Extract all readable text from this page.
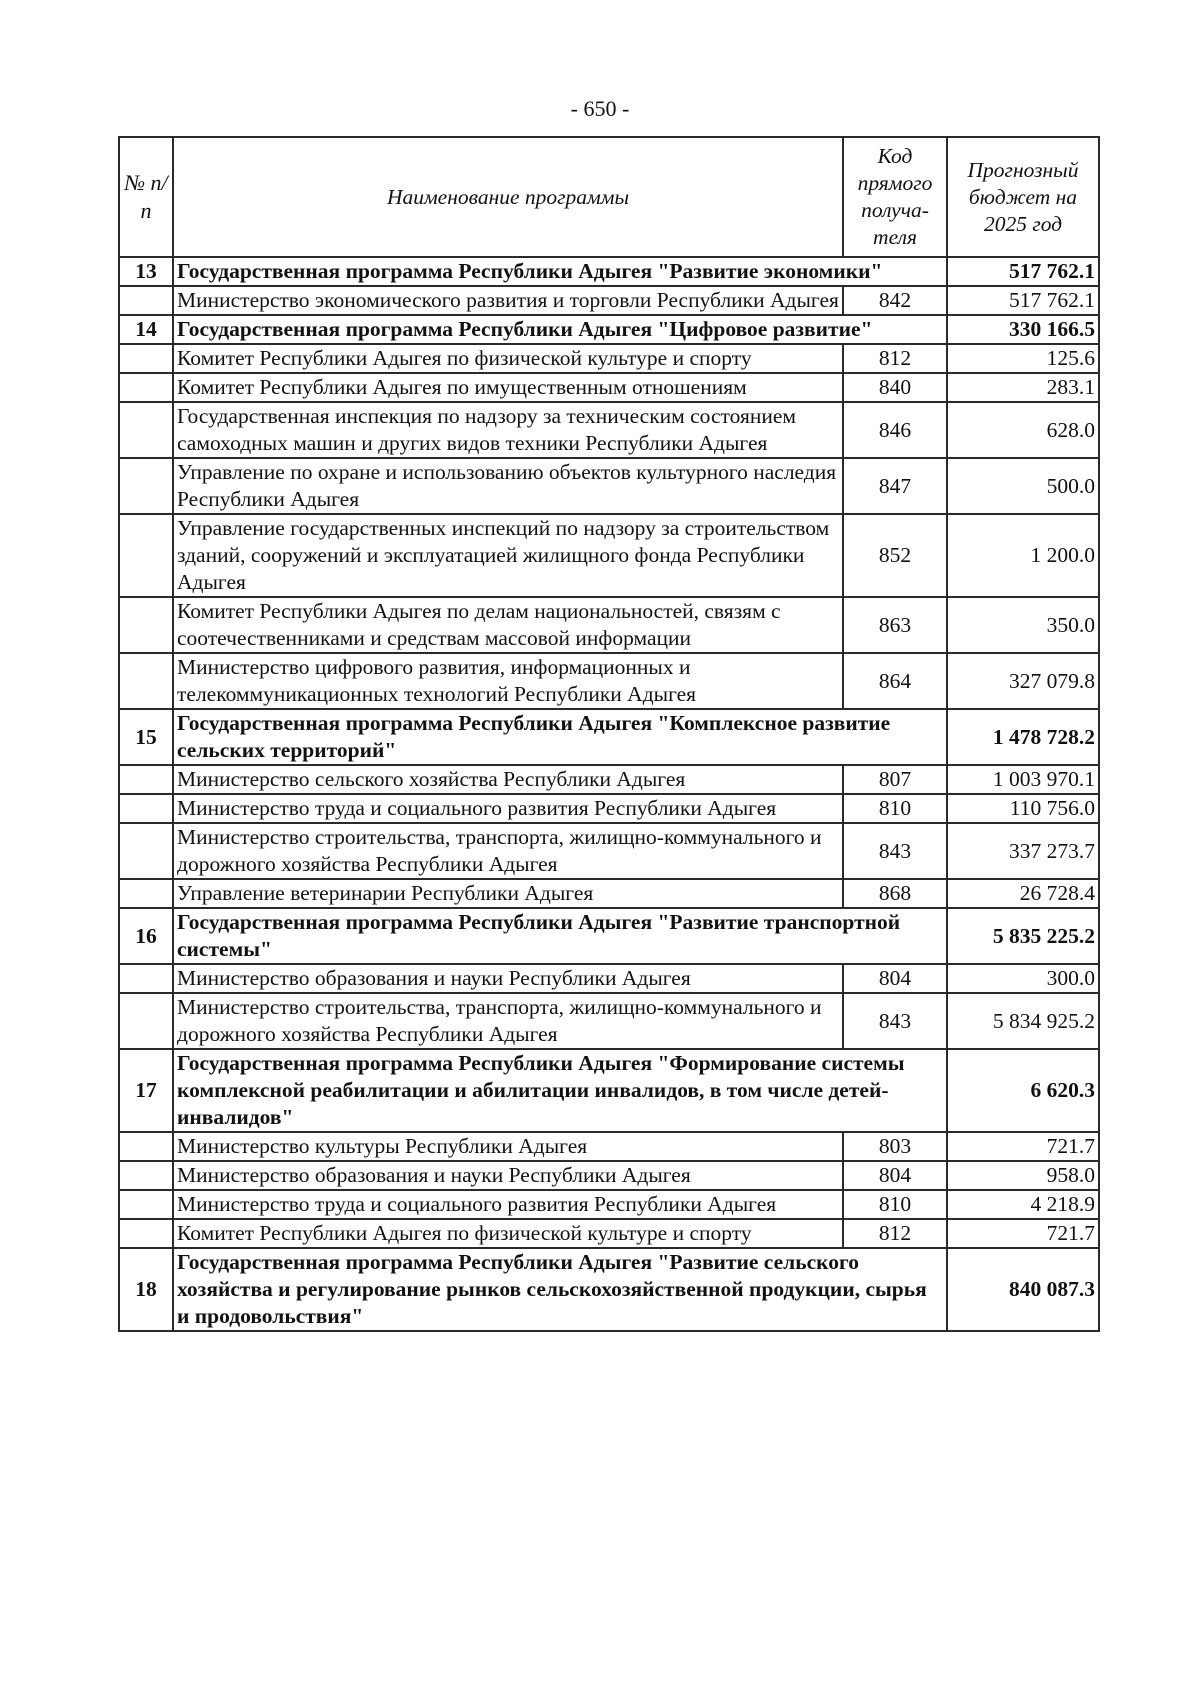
- 650 -
№ п/п	Наименование программы	Код прямого получа-теля	Прогнозный бюджет на 2025 год
13	Государственная программа Республики Адыгея "Развитие экономики"		517 762.1
	Министерство экономического развития и торговли Республики Адыгея	842	517 762.1
14	Государственная программа Республики Адыгея "Цифровое развитие"		330 166.5
	Комитет Республики Адыгея по физической культуре и спорту	812	125.6
	Комитет Республики Адыгея по имущественным отношениям	840	283.1
	Государственная инспекция по надзору за техническим состоянием самоходных машин и других видов техники Республики Адыгея	846	628.0
	Управление по охране и использованию объектов культурного наследия Республики Адыгея	847	500.0
	Управление государственных инспекций по надзору за строительством зданий, сооружений и эксплуатацией жилищного фонда Республики Адыгея	852	1 200.0
	Комитет Республики Адыгея по делам национальностей, связям с соотечественниками и средствам массовой информации	863	350.0
	Министерство цифрового развития, информационных и телекоммуникационных технологий Республики Адыгея	864	327 079.8
15	Государственная программа Республики Адыгея "Комплексное развитие сельских территорий"		1 478 728.2
	Министерство сельского хозяйства Республики Адыгея	807	1 003 970.1
	Министерство труда и социального развития Республики Адыгея	810	110 756.0
	Министерство строительства, транспорта, жилищно-коммунального и дорожного хозяйства Республики Адыгея	843	337 273.7
	Управление ветеринарии Республики Адыгея	868	26 728.4
16	Государственная программа Республики Адыгея "Развитие транспортной системы"		5 835 225.2
	Министерство образования и науки Республики Адыгея	804	300.0
	Министерство строительства, транспорта, жилищно-коммунального и дорожного хозяйства Республики Адыгея	843	5 834 925.2
17	Государственная программа Республики Адыгея "Формирование системы комплексной реабилитации и абилитации инвалидов, в том числе детей-инвалидов"		6 620.3
	Министерство культуры Республики Адыгея	803	721.7
	Министерство образования и науки Республики Адыгея	804	958.0
	Министерство труда и социального развития Республики Адыгея	810	4 218.9
	Комитет Республики Адыгея по физической культуре и спорту	812	721.7
18	Государственная программа Республики Адыгея "Развитие сельского хозяйства и регулирование рынков сельскохозяйственной продукции, сырья и продовольствия"		840 087.3
